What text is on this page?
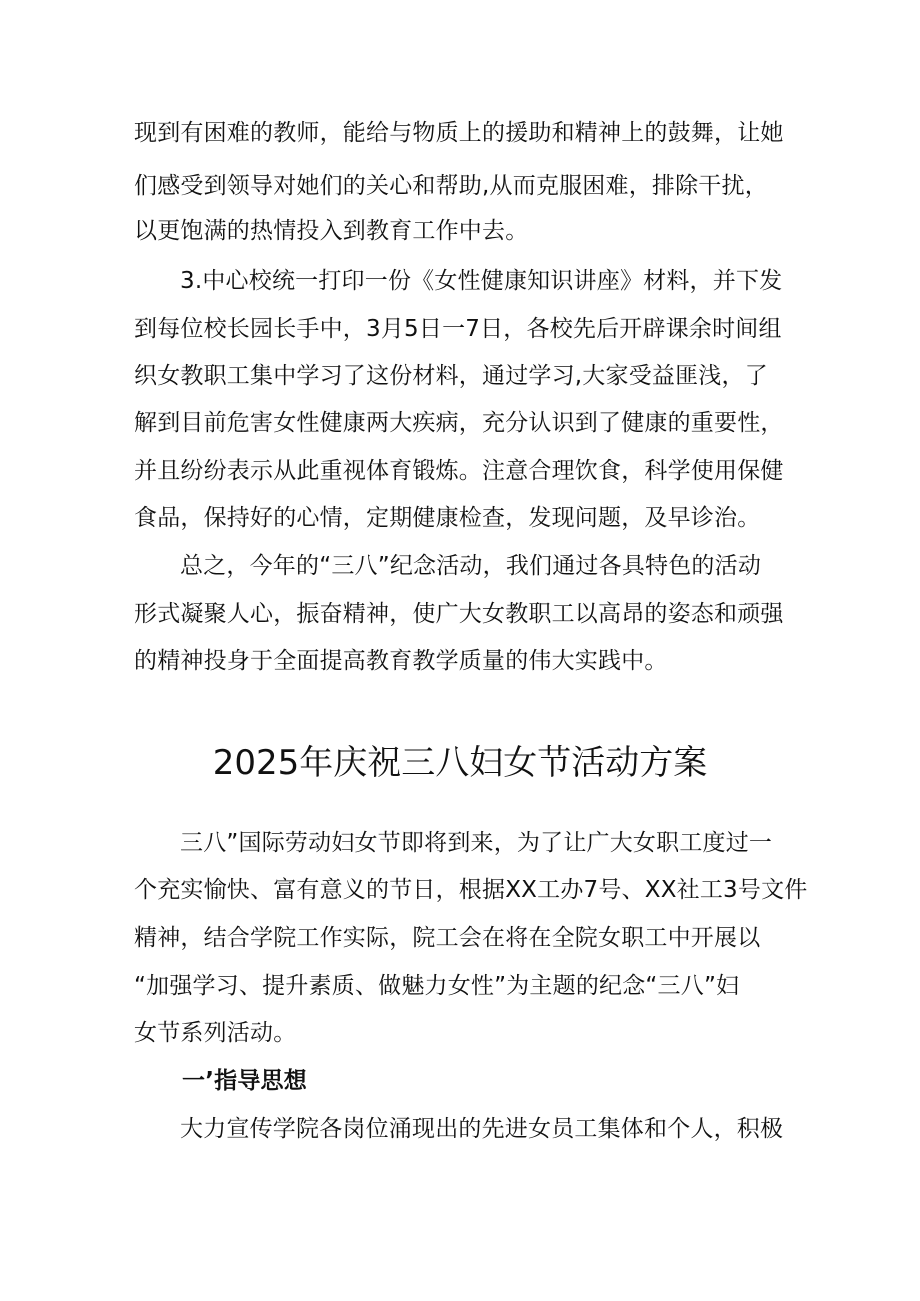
现到有困难的教师，能给与物质上的援助和精神上的鼓舞，让她
们感受到领导对她们的关心和帮助,从而克服困难，排除干扰，
以更饱满的热情投入到教育工作中去。
3.中心校统一打印一份《女性健康知识讲座》材料，并下发
到每位校长园长手中，3月5日一7日，各校先后开辟课余时间组
织女教职工集中学习了这份材料，通过学习,大家受益匪浅，了
解到目前危害女性健康两大疾病，充分认识到了健康的重要性，
并且纷纷表示从此重视体育锻炼。注意合理饮食，科学使用保健
食品，保持好的心情，定期健康检查，发现问题，及早诊治。
总之，今年的“三八”纪念活动，我们通过各具特色的活动
形式凝聚人心，振奋精神，使广大女教职工以高昂的姿态和顽强
的精神投身于全面提高教育教学质量的伟大实践中。
2025年庆祝三八妇女节活动方案
三八”国际劳动妇女节即将到来，为了让广大女职工度过一
个充实愉快、富有意义的节日，根据XX工办7号、XX社工3号文件
精神，结合学院工作实际，院工会在将在全院女职工中开展以
“加强学习、提升素质、做魅力女性”为主题的纪念“三八”妇
女节系列活动。
一’指导思想
大力宣传学院各岗位涌现出的先进女员工集体和个人，积极
